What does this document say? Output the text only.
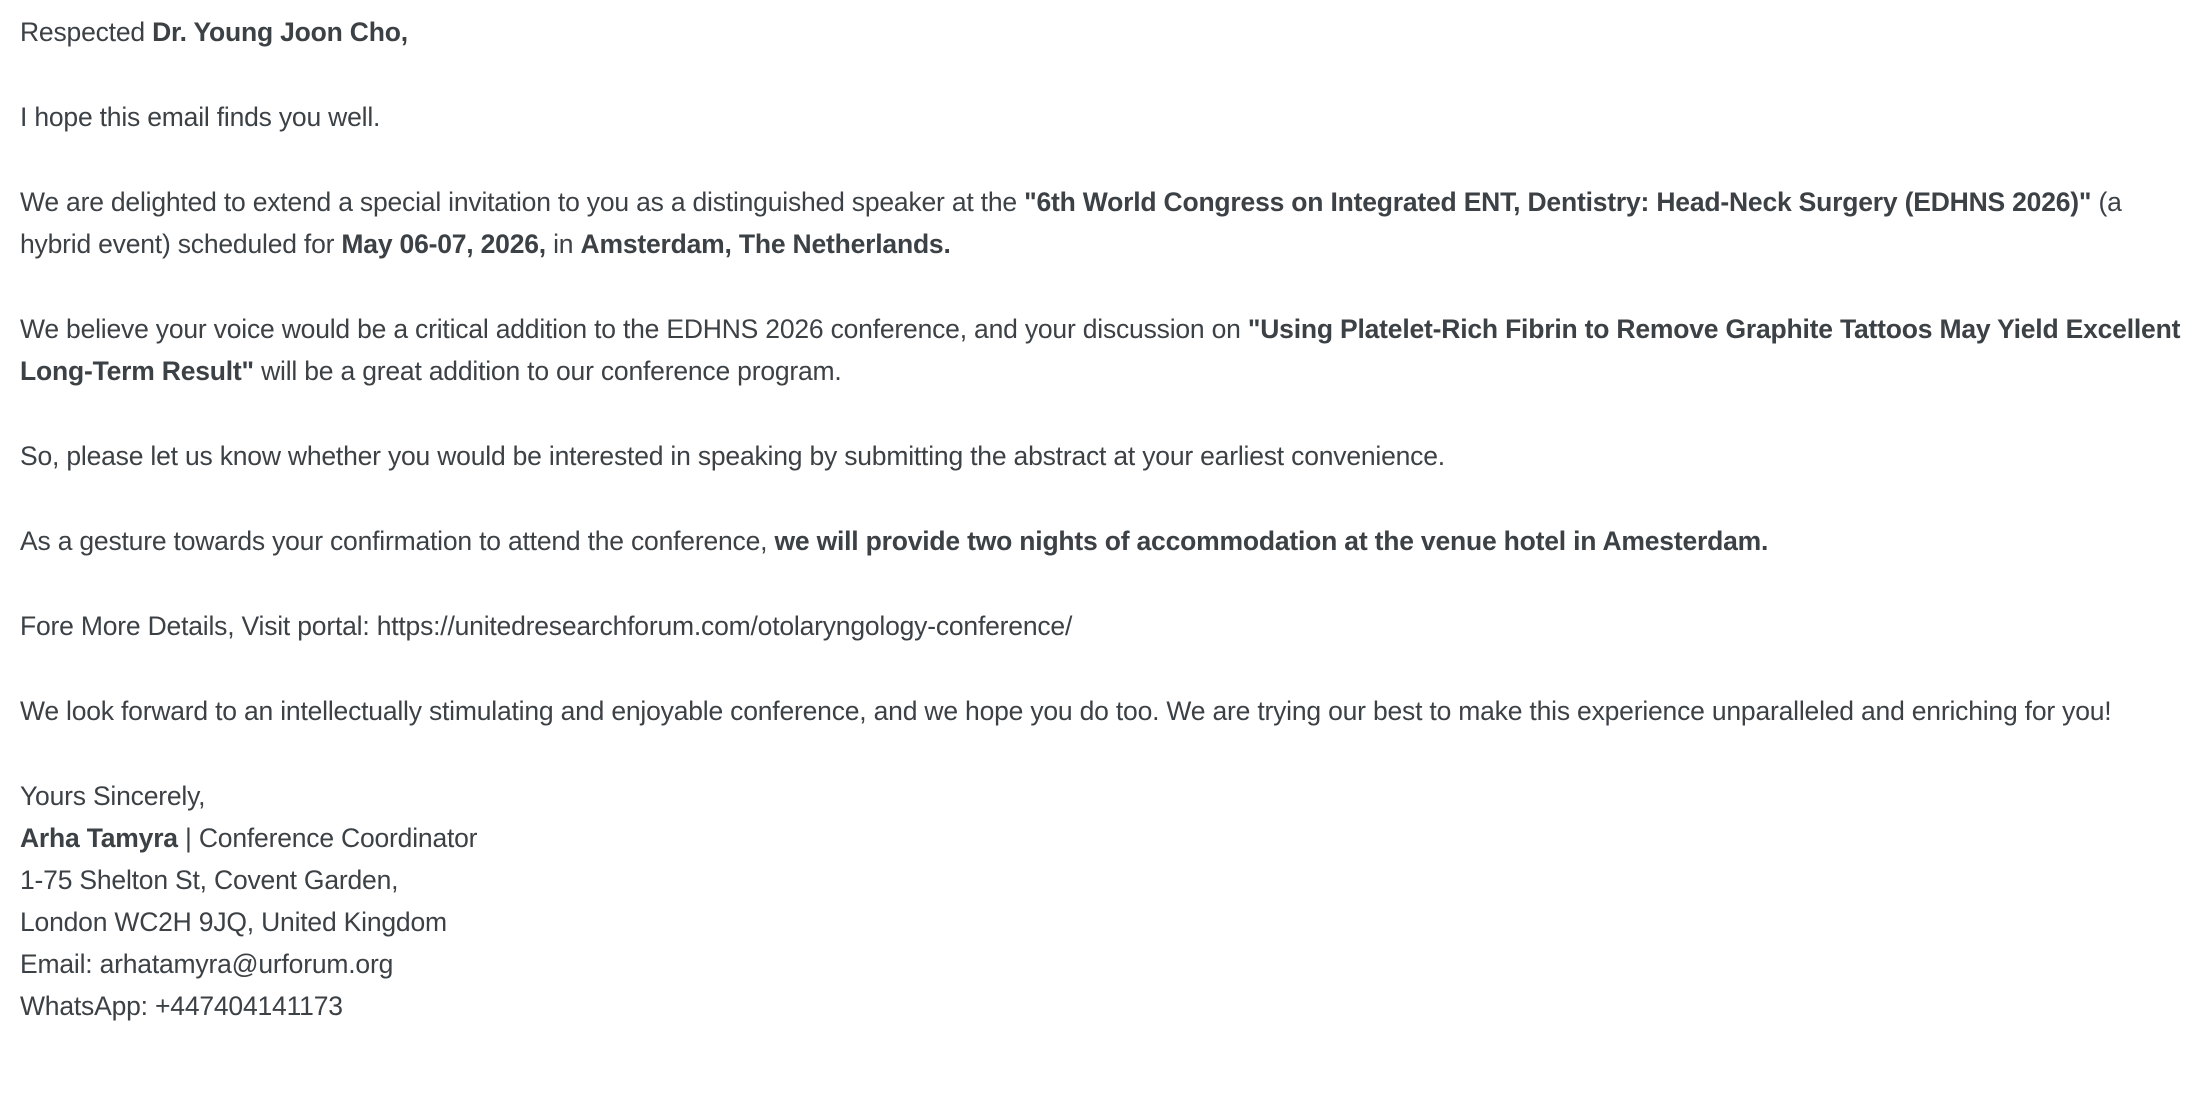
Respected Dr. Young Joon Cho,

I hope this email finds you well.

We are delighted to extend a special invitation to you as a distinguished speaker at the "6th World Congress on Integrated ENT, Dentistry: Head-Neck Surgery (EDHNS 2026)" (a hybrid event) scheduled for May 06-07, 2026, in Amsterdam, The Netherlands.

We believe your voice would be a critical addition to the EDHNS 2026 conference, and your discussion on "Using Platelet-Rich Fibrin to Remove Graphite Tattoos May Yield Excellent Long-Term Result" will be a great addition to our conference program.

So, please let us know whether you would be interested in speaking by submitting the abstract at your earliest convenience.

As a gesture towards your confirmation to attend the conference, we will provide two nights of accommodation at the venue hotel in Amesterdam.

Fore More Details, Visit portal: https://unitedresearchforum.com/otolaryngology-conference/

We look forward to an intellectually stimulating and enjoyable conference, and we hope you do too. We are trying our best to make this experience unparalleled and enriching for you!

Yours Sincerely,
Arha Tamyra | Conference Coordinator
1-75 Shelton St, Covent Garden,
London WC2H 9JQ, United Kingdom
Email: arhatamyra@urforum.org
WhatsApp: +447404141173
